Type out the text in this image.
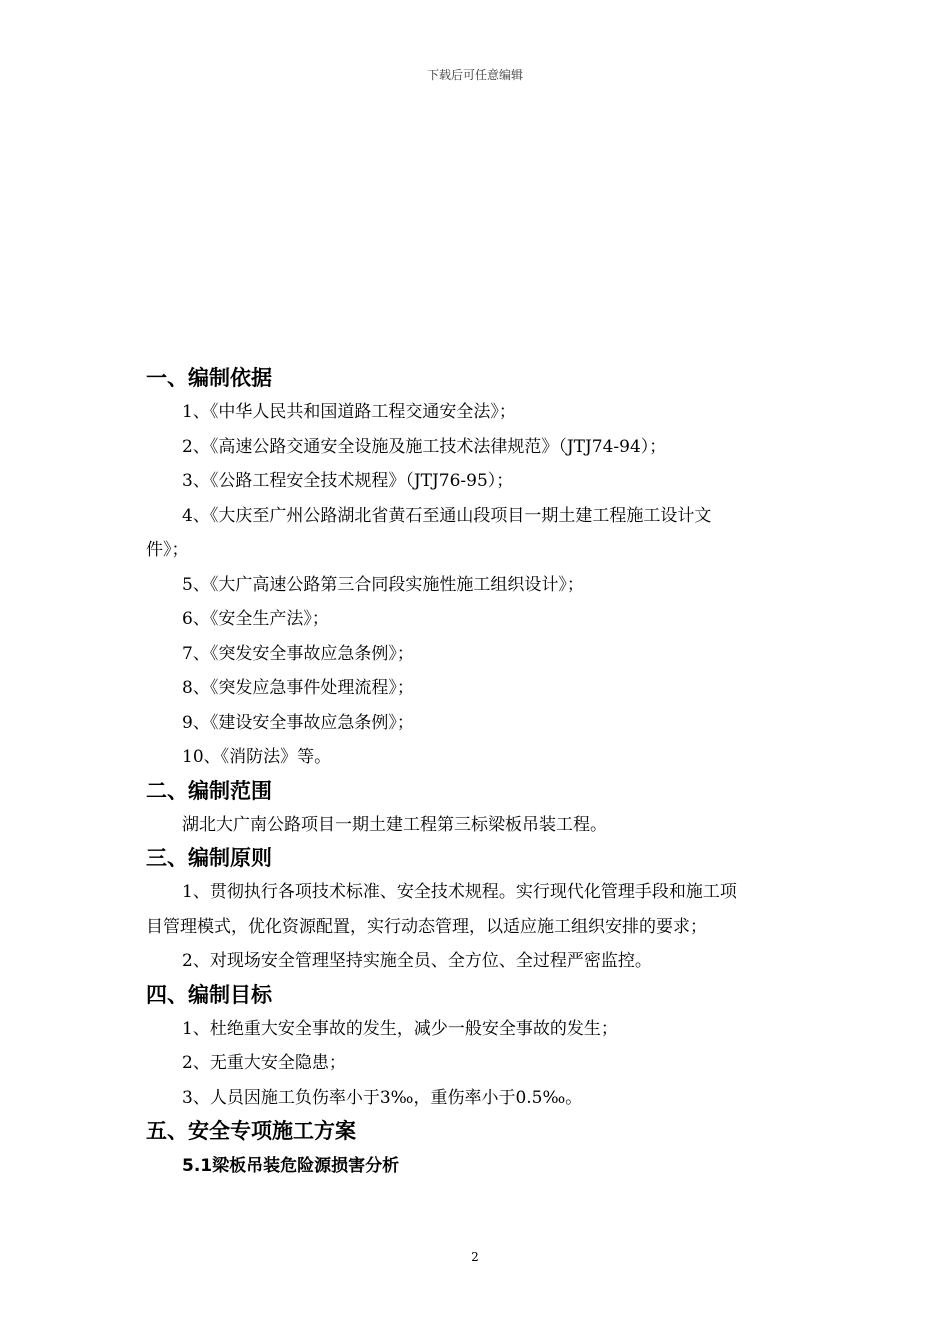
下载后可任意编辑
一、编制依据
1、《中华人民共和国道路工程交通安全法》；
2、《高速公路交通安全设施及施工技术法律规范》（JTJ74-94）；
3、《公路工程安全技术规程》（JTJ76-95）；
4、《大庆至广州公路湖北省黄石至通山段项目一期土建工程施工设计文
件》；
5、《大广高速公路第三合同段实施性施工组织设计》；
6、《安全生产法》；
7、《突发安全事故应急条例》；
8、《突发应急事件处理流程》；
9、《建设安全事故应急条例》；
10、《消防法》等。
二、编制范围
湖北大广南公路项目一期土建工程第三标梁板吊装工程。
三、编制原则
1、贯彻执行各项技术标准、安全技术规程。实行现代化管理手段和施工项
目管理模式，优化资源配置，实行动态管理，以适应施工组织安排的要求；
2、对现场安全管理坚持实施全员、全方位、全过程严密监控。
四、编制目标
1、杜绝重大安全事故的发生，减少一般安全事故的发生；
2、无重大安全隐患；
3、人员因施工负伤率小于3‰，重伤率小于0.5‰。
五、安全专项施工方案
5.1梁板吊装危险源损害分析
2
